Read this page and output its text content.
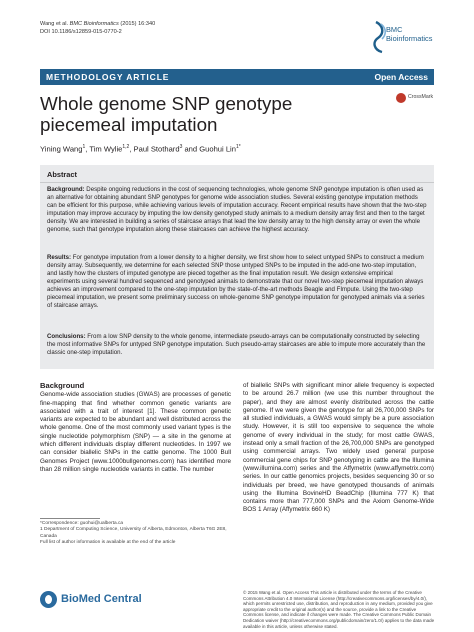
Wang et al. BMC Bioinformatics (2015) 16:340
DOI 10.1186/s12859-015-0770-2	BMC
Bioinformatics
METHODOLOGY ARTICLE	Open Access
Whole genome SNP genotype piecemeal imputation
CrossMark
Yining Wang$^1$, Tim Wylie$^{1,2}$, Paul Stothard$^3$ and Guohui Lin$^{1*}$
Abstract
Background: Despite ongoing reductions in the cost of sequencing technologies, whole genome SNP genotype imputation is often used as an alternative for obtaining abundant SNP genotypes for genome wide association studies. Several existing genotype imputation methods can be efficient for this purpose, while achieving various levels of imputation accuracy. Recent empirical results have shown that the two-step imputation may improve accuracy by imputing the low density genotyped study animals to a medium density array first and then to the target density. We are interested in building a series of staircase arrays that lead the low density array to the high density array or even the whole genome, such that genotype imputation along these staircases can achieve the highest accuracy.
Results: For genotype imputation from a lower density to a higher density, we first show how to select untyped SNPs to construct a medium density array. Subsequently, we determine for each selected SNP those untyped SNPs to be imputed in the add-one two-step imputation, and lastly how the clusters of imputed genotype are pieced together as the final imputation result. We design extensive empirical experiments using several hundred sequenced and genotyped animals to demonstrate that our novel two-step piecemeal imputation always achieves an improvement compared to the one-step imputation by the state-of-the-art methods Beagle and FImpute. Using the two-step piecemeal imputation, we present some preliminary success on whole-genome SNP genotype imputation for genotyped animals via a series of staircase arrays.
Conclusions: From a low SNP density to the whole genome, intermediate pseudo-arrays can be computationally constructed by selecting the most informative SNPs for untyped SNP genotype imputation. Such pseudo-array staircases are able to impute more accurately than the classic one-step imputation.
Background
Genome-wide association studies (GWAS) are processes of genetic fine-mapping that find whether common genetic variants are associated with a trait of interest [1]. These common genetic variants are expected to be abundant and well distributed across the whole genome. One of the most commonly used variant types is the single nucleotide polymorphism (SNP) — a site in the genome at which different individuals display different nucleotides. In 1997 we can consider biallelic SNPs in the cattle genome. The 1000 Bull Genomes Project (www.1000bullgenomes.com) has identified more than 28 million single nucleotide variants in cattle. The number
of biallelic SNPs with significant minor allele frequency is expected to be around 26.7 million (we use this number throughout the paper), and they are almost evenly distributed across the cattle genome. If we were given the genotype for all 26,700,000 SNPs for all studied individuals, a GWAS would simply be a pure association study. However, it is still too expensive to sequence the whole genome of every individual in the study; for most cattle GWAS, instead only a small fraction of the 26,700,000 SNPs are genotyped using commercial arrays. Two widely used general purpose commercial gene chips for SNP genotyping in cattle are the Illumina (www.illumina.com) series and the Affymetrix (www.affymetrix.com) series. In our cattle genomics projects, besides sequencing 30 or so individuals per breed, we have genotyped thousands of animals using the Illumina BovineHD BeadChip (Illumina 777 K) that contains more than 777,000 SNPs and the Axiom Genome-Wide BOS 1 Array (Affymetrix 660 K)
*Correspondence: guohui@ualberta.ca
1 Department of Computing Science, University of Alberta, Edmonton, Alberta T6G 2E8, Canada
Full list of author information is available at the end of the article
BioMed Central
© 2015 Wang et al. Open Access This article is distributed under the terms of the Creative Commons Attribution 4.0 International License (http://creativecommons.org/licenses/by/4.0/), which permits unrestricted use, distribution, and reproduction in any medium, provided you give appropriate credit to the original author(s) and the source, provide a link to the Creative Commons license, and indicate if changes were made. The Creative Commons Public Domain Dedication waiver (http://creativecommons.org/publicdomain/zero/1.0/) applies to the data made available in this article, unless otherwise stated.
